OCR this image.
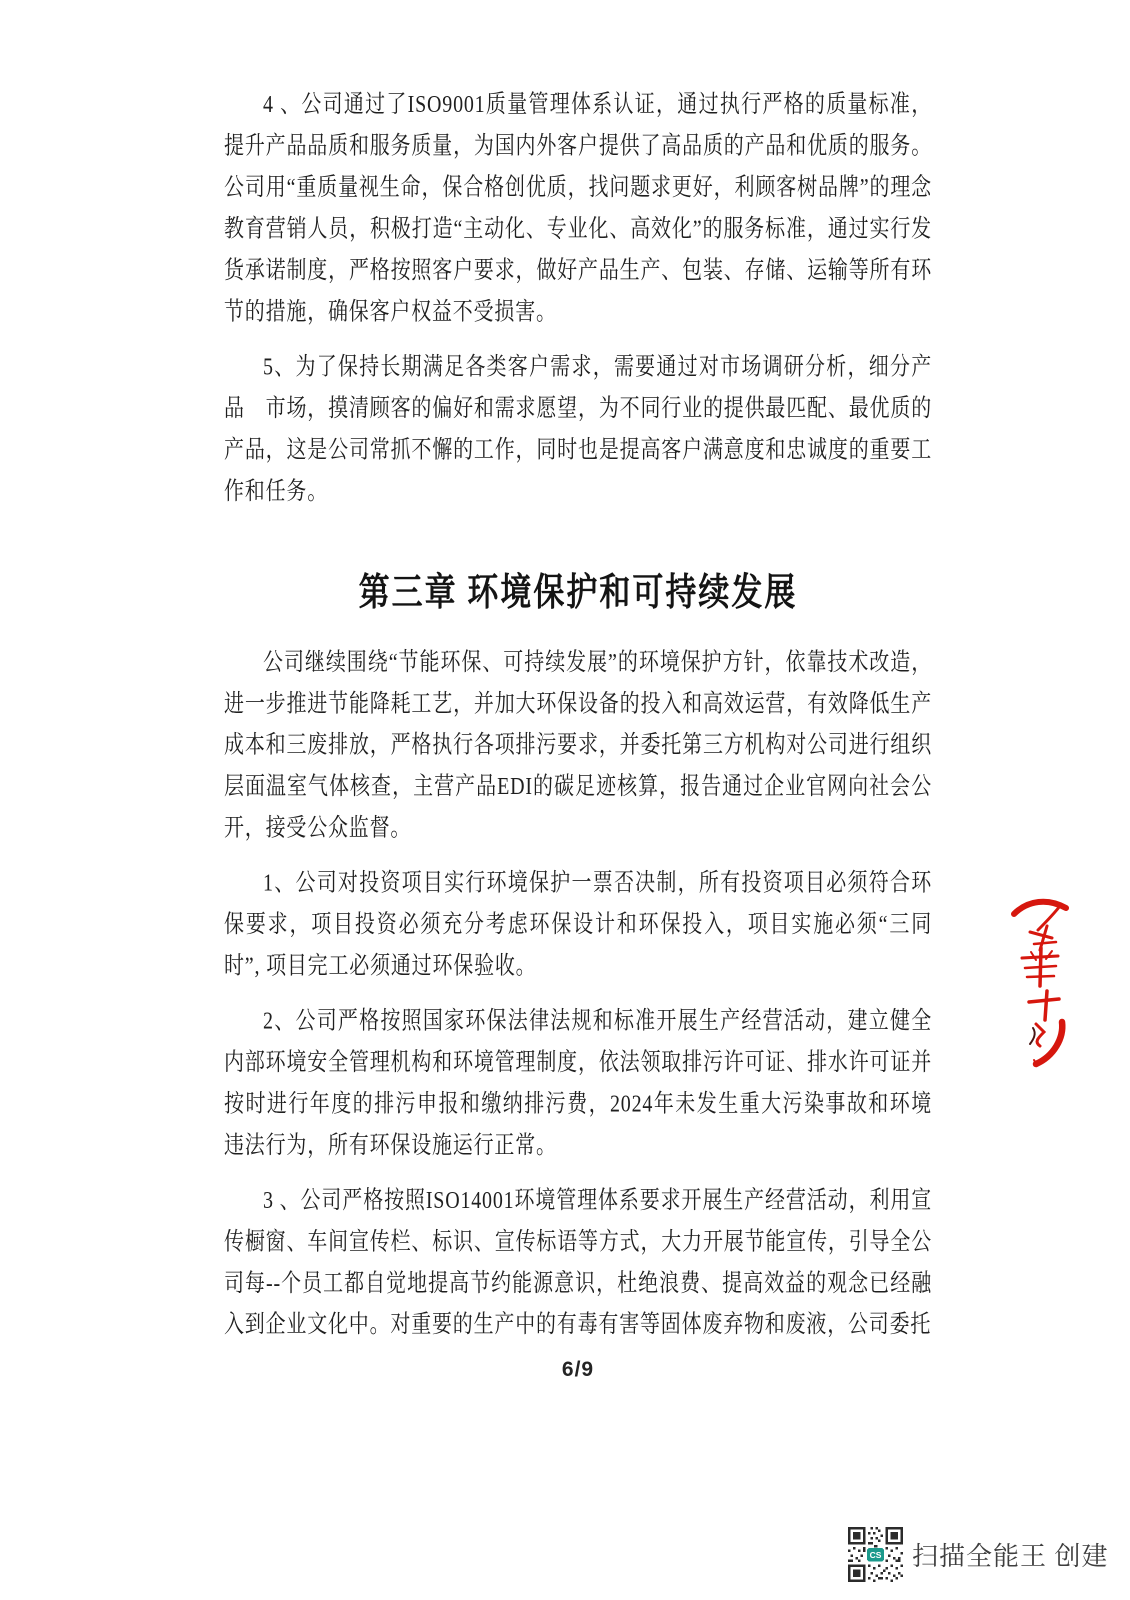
4 、公司通过了ISO9001质量管理体系认证，通过执行严格的质量标准，提升产品品质和服务质量，为国内外客户提供了高品质的产品和优质的服务。公司用“重质量视生命，保合格创优质，找问题求更好，利顾客树品牌”的理念教育营销人员，积极打造“主动化、专业化、高效化”的服务标准，通过实行发货承诺制度，严格按照客户要求，做好产品生产、包装、存储、运输等所有环节的措施，确保客户权益不受损害。

5、为了保持长期满足各类客户需求，需要通过对市场调研分析，细分产品　市场，摸清顾客的偏好和需求愿望，为不同行业的提供最匹配、最优质的产品，这是公司常抓不懈的工作，同时也是提高客户满意度和忠诚度的重要工作和任务。

第三章 环境保护和可持续发展

公司继续围绕“节能环保、可持续发展”的环境保护方针，依靠技术改造，进一步推进节能降耗工艺，并加大环保设备的投入和高效运营，有效降低生产成本和三废排放，严格执行各项排污要求，并委托第三方机构对公司进行组织层面温室气体核查，主营产品EDI的碳足迹核算，报告通过企业官网向社会公开，接受公众监督。

1、公司对投资项目实行环境保护一票否决制，所有投资项目必须符合环保要求，项目投资必须充分考虑环保设计和环保投入，项目实施必须“三同时”, 项目完工必须通过环保验收。

2、公司严格按照国家环保法律法规和标准开展生产经营活动，建立健全内部环境安全管理机构和环境管理制度，依法领取排污许可证、排水许可证并按时进行年度的排污申报和缴纳排污费，2024年未发生重大污染事故和环境违法行为，所有环保设施运行正常。

3 、公司严格按照ISO14001环境管理体系要求开展生产经营活动，利用宣传橱窗、车间宣传栏、标识、宣传标语等方式，大力开展节能宣传，引导全公司每--个员工都自觉地提高节约能源意识，杜绝浪费、提高效益的观念已经融入到企业文化中。对重要的生产中的有毒有害等固体废弃物和废液，公司委托

6/9
CS 扫描全能王 创建
